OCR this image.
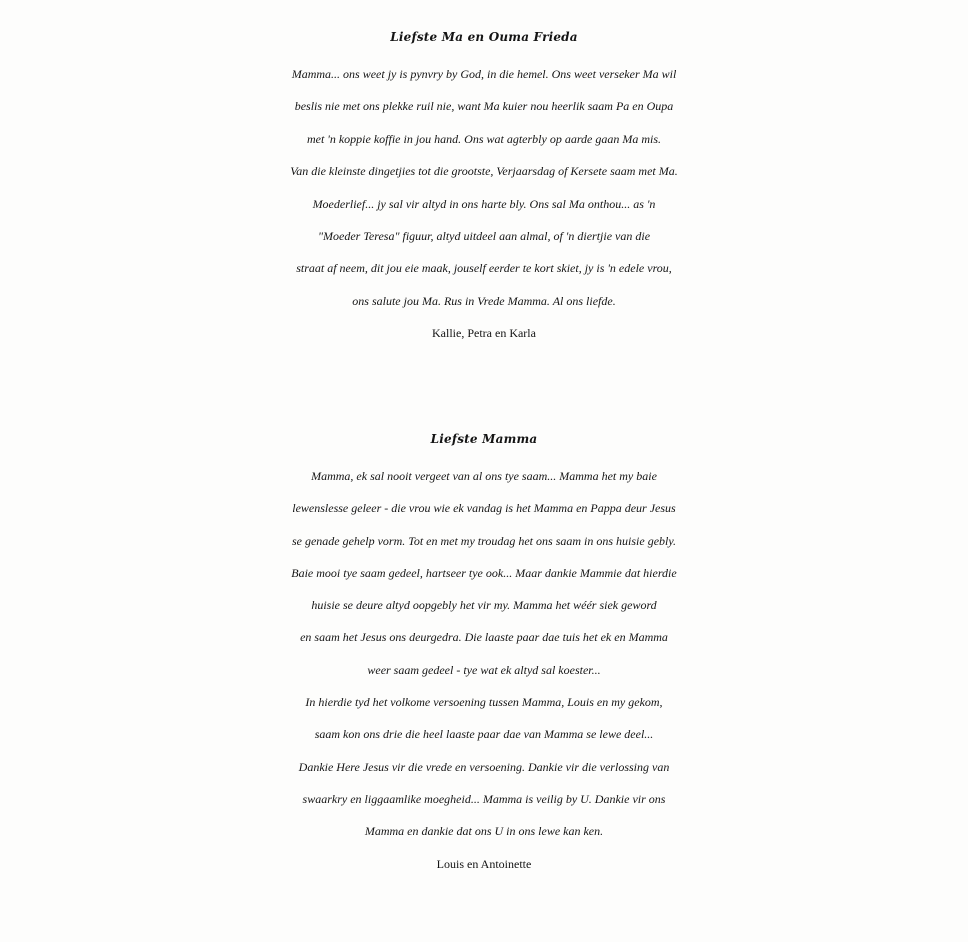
Liefste Ma en Ouma Frieda
Mamma... ons weet jy is pynvry by God, in die hemel. Ons weet verseker Ma wil
beslis nie met ons plekke ruil nie, want Ma kuier nou heerlik saam Pa en Oupa
met 'n koppie koffie in jou hand. Ons wat agterbly op aarde gaan Ma mis.
Van die kleinste dingetjies tot die grootste, Verjaarsdag of Kersete saam met Ma.
Moederlief... jy sal vir altyd in ons harte bly. Ons sal Ma onthou... as 'n
"Moeder Teresa" figuur, altyd uitdeel aan almal, of 'n diertjie van die
straat af neem, dit jou eie maak, jouself eerder te kort skiet, jy is 'n edele vrou,
ons salute jou Ma. Rus in Vrede Mamma. Al ons liefde.
Kallie, Petra en Karla
Liefste Mamma
Mamma, ek sal nooit vergeet van al ons tye saam... Mamma het my baie
lewenslesse geleer - die vrou wie ek vandag is het Mamma en Pappa deur Jesus
se genade gehelp vorm. Tot en met my troudag het ons saam in ons huisie gebly.
Baie mooi tye saam gedeel, hartseer tye ook... Maar dankie Mammie dat hierdie
huisie se deure altyd oopgebly het vir my. Mamma het wéér siek geword
en saam het Jesus ons deurgedra. Die laaste paar dae tuis het ek en Mamma
weer saam gedeel - tye wat ek altyd sal koester...
In hierdie tyd het volkome versoening tussen Mamma, Louis en my gekom,
saam kon ons drie die heel laaste paar dae van Mamma se lewe deel...
Dankie Here Jesus vir die vrede en versoening. Dankie vir die verlossing van
swaarkry en liggaamlike moegheid... Mamma is veilig by U. Dankie vir ons
Mamma en dankie dat ons U in ons lewe kan ken.
Louis en Antoinette
